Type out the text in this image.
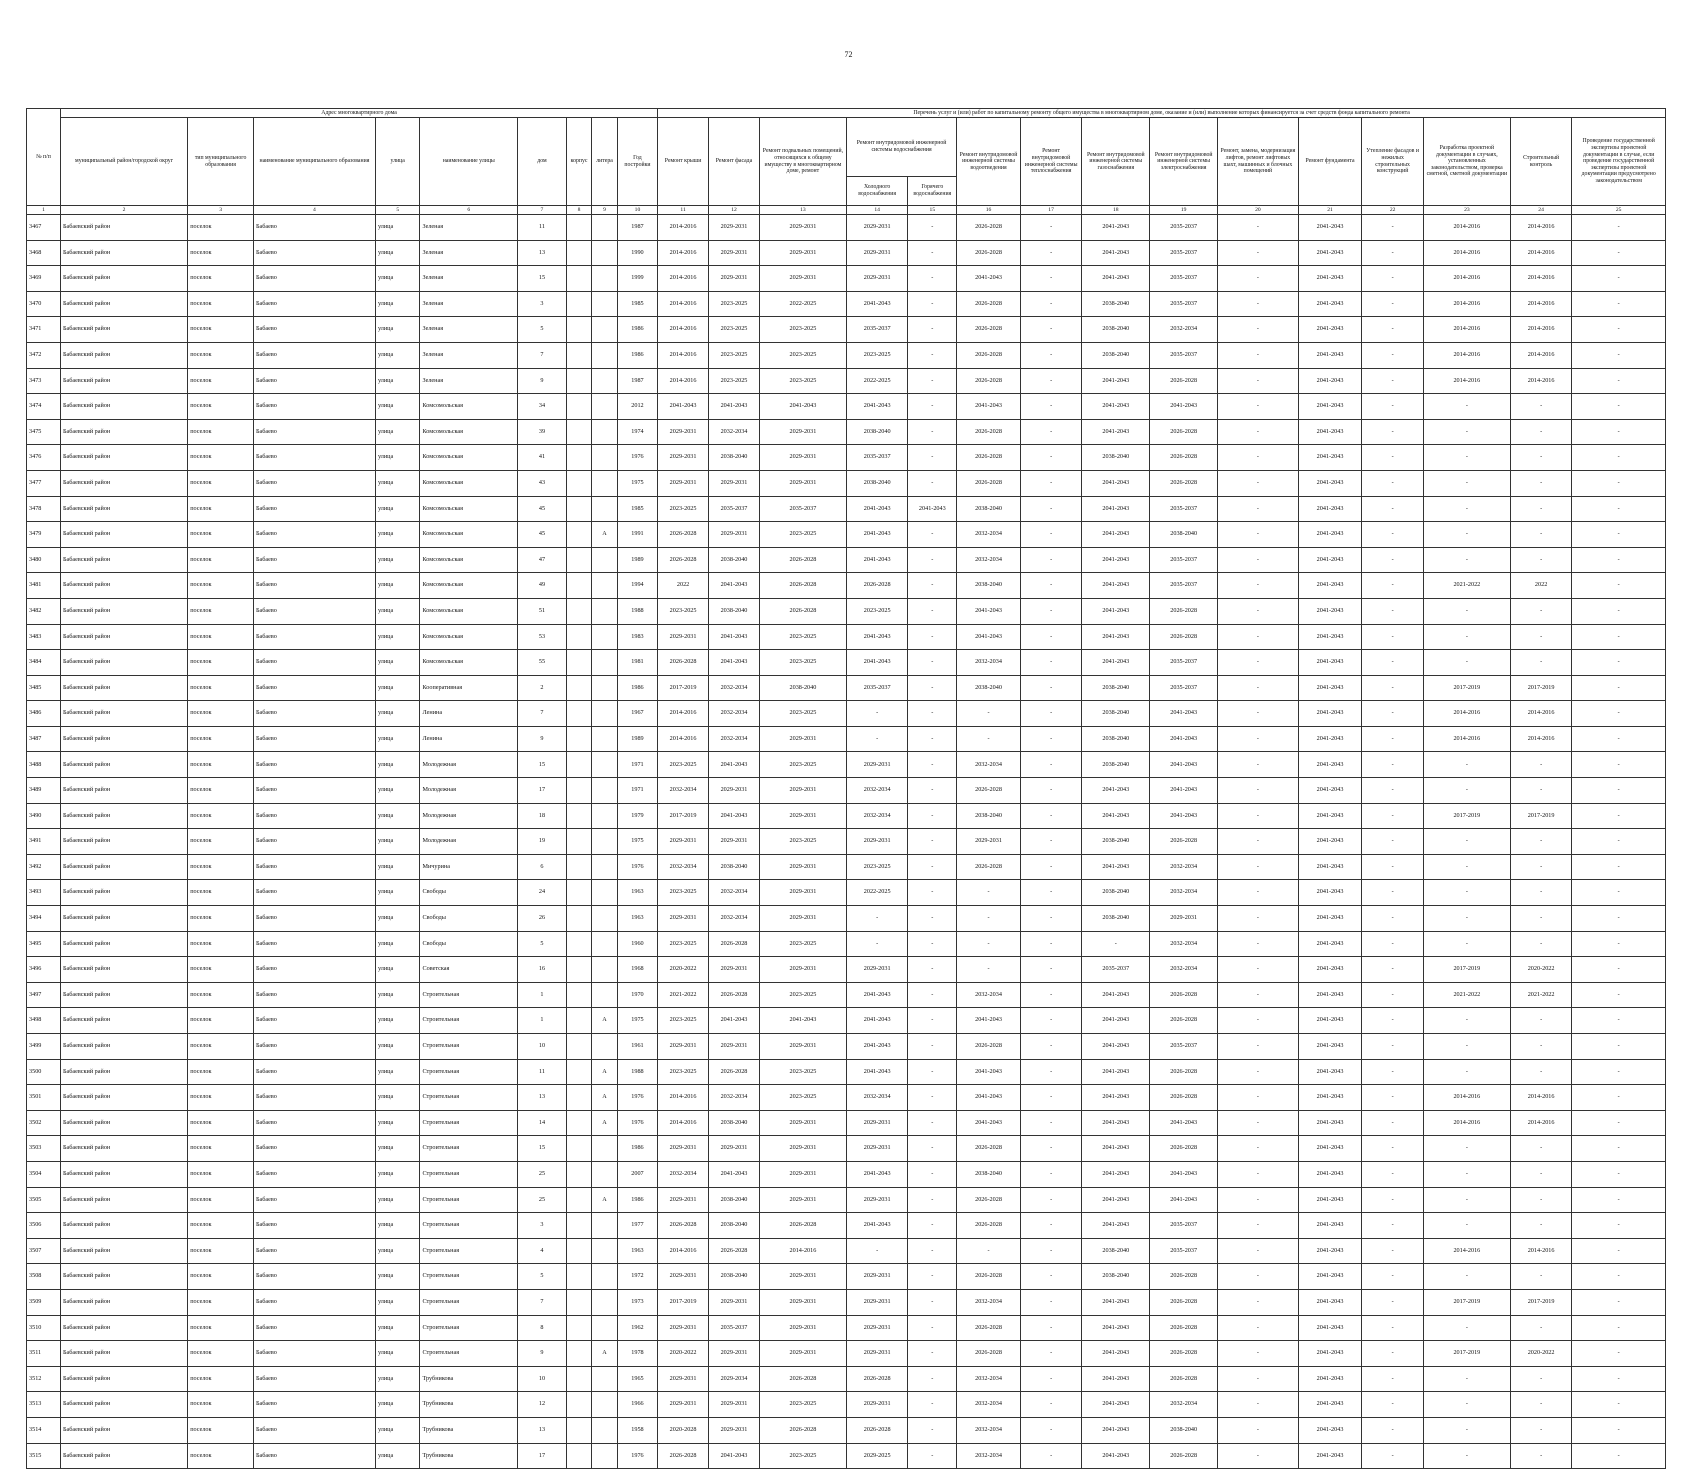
72
№ п/п	Адрес многоквартирного дома									Перечень услуг и (или) работ по капитальному ремонту общего имущества в многоквартирном доме, оказание и (или) выполнение которых финансируется за счет средств фонда капитального ремонта														
	муниципальный район/городской округ	тип муниципального образования	наименование муниципального образования	улица	наименование улицы	дом	корпус	литера	Год постройки	Ремонт крыши	Ремонт фасада	Ремонт подвальных помещений, относящихся к общему имуществу в многоквартирном доме, ремонт	Ремонт внутридомовой инженерной системы водоснабжения		Ремонт внутридомовой инженерной системы водоотведения	Ремонт внутридомовой инженерной системы теплоснабжения	Ремонт внутридомовой инженерной системы газоснабжения	Ремонт внутридомовой инженерной системы электроснабжения	Ремонт, замена, модернизация лифтов, ремонт лифтовых шахт, машинных и блочных помещений	Ремонт фундамента	Утепление фасадов и нежилых строительных конструкций	Разработка проектной документации в случаях, установленных законодательством, проверка сметной, сметной документации	Строительный контроль	Проведение государственной экспертизы проектной документации в случае, если проведение государственной экспертизы проектной документации предусмотрено законодательством
													Холодного водоснабжения	Горячего водоснабжения										
1	2	3	4	5	6	7	8	9	10	11	12	13	14	15	16	17	18	19	20	21	22	23	24	25
3467	Бабаевский район	поселок	Бабаево	улица	Зеленая	11			1987	2014-2016	2029-2031	2029-2031	2029-2031	-	2026-2028	-	2041-2043	2035-2037	-	2041-2043	-	2014-2016	2014-2016	-
3468	Бабаевский район	поселок	Бабаево	улица	Зеленая	13			1990	2014-2016	2029-2031	2029-2031	2029-2031	-	2026-2028	-	2041-2043	2035-2037	-	2041-2043	-	2014-2016	2014-2016	-
3469	Бабаевский район	поселок	Бабаево	улица	Зеленая	15			1999	2014-2016	2029-2031	2029-2031	2029-2031	-	2041-2043	-	2041-2043	2035-2037	-	2041-2043	-	2014-2016	2014-2016	-
3470	Бабаевский район	поселок	Бабаево	улица	Зеленая	3			1985	2014-2016	2023-2025	2022-2025	2041-2043	-	2026-2028	-	2038-2040	2035-2037	-	2041-2043	-	2014-2016	2014-2016	-
3471	Бабаевский район	поселок	Бабаево	улица	Зеленая	5			1986	2014-2016	2023-2025	2023-2025	2035-2037	-	2026-2028	-	2038-2040	2032-2034	-	2041-2043	-	2014-2016	2014-2016	-
3472	Бабаевский район	поселок	Бабаево	улица	Зеленая	7			1986	2014-2016	2023-2025	2023-2025	2023-2025	-	2026-2028	-	2038-2040	2035-2037	-	2041-2043	-	2014-2016	2014-2016	-
3473	Бабаевский район	поселок	Бабаево	улица	Зеленая	9			1987	2014-2016	2023-2025	2023-2025	2022-2025	-	2026-2028	-	2041-2043	2026-2028	-	2041-2043	-	2014-2016	2014-2016	-
3474	Бабаевский район	поселок	Бабаево	улица	Комсомольская	34			2012	2041-2043	2041-2043	2041-2043	2041-2043	-	2041-2043	-	2041-2043	2041-2043	-	2041-2043	-	-	-	-
3475	Бабаевский район	поселок	Бабаево	улица	Комсомольская	39			1974	2029-2031	2032-2034	2029-2031	2038-2040	-	2026-2028	-	2041-2043	2026-2028	-	2041-2043	-	-	-	-
3476	Бабаевский район	поселок	Бабаево	улица	Комсомольская	41			1976	2029-2031	2038-2040	2029-2031	2035-2037	-	2026-2028	-	2038-2040	2026-2028	-	2041-2043	-	-	-	-
3477	Бабаевский район	поселок	Бабаево	улица	Комсомольская	43			1975	2029-2031	2029-2031	2029-2031	2038-2040	-	2026-2028	-	2041-2043	2026-2028	-	2041-2043	-	-	-	-
3478	Бабаевский район	поселок	Бабаево	улица	Комсомольская	45			1985	2023-2025	2035-2037	2035-2037	2041-2043	2041-2043	2038-2040	-	2041-2043	2035-2037	-	2041-2043	-	-	-	-
3479	Бабаевский район	поселок	Бабаево	улица	Комсомольская	45		А	1991	2026-2028	2029-2031	2023-2025	2041-2043	-	2032-2034	-	2041-2043	2038-2040	-	2041-2043	-	-	-	-
3480	Бабаевский район	поселок	Бабаево	улица	Комсомольская	47			1989	2026-2028	2038-2040	2026-2028	2041-2043	-	2032-2034	-	2041-2043	2035-2037	-	2041-2043	-	-	-	-
3481	Бабаевский район	поселок	Бабаево	улица	Комсомольская	49			1994	2022	2041-2043	2026-2028	2026-2028	-	2038-2040	-	2041-2043	2035-2037	-	2041-2043	-	2021-2022	2022	-
3482	Бабаевский район	поселок	Бабаево	улица	Комсомольская	51			1988	2023-2025	2038-2040	2026-2028	2023-2025	-	2041-2043	-	2041-2043	2026-2028	-	2041-2043	-	-	-	-
3483	Бабаевский район	поселок	Бабаево	улица	Комсомольская	53			1983	2029-2031	2041-2043	2023-2025	2041-2043	-	2041-2043	-	2041-2043	2026-2028	-	2041-2043	-	-	-	-
3484	Бабаевский район	поселок	Бабаево	улица	Комсомольская	55			1981	2026-2028	2041-2043	2023-2025	2041-2043	-	2032-2034	-	2041-2043	2035-2037	-	2041-2043	-	-	-	-
3485	Бабаевский район	поселок	Бабаево	улица	Кооперативная	2			1986	2017-2019	2032-2034	2038-2040	2035-2037	-	2038-2040	-	2038-2040	2035-2037	-	2041-2043	-	2017-2019	2017-2019	-
3486	Бабаевский район	поселок	Бабаево	улица	Ленина	7			1967	2014-2016	2032-2034	2023-2025	-	-	-	-	2038-2040	2041-2043	-	2041-2043	-	2014-2016	2014-2016	-
3487	Бабаевский район	поселок	Бабаево	улица	Ленина	9			1989	2014-2016	2032-2034	2029-2031	-	-	-	-	2038-2040	2041-2043	-	2041-2043	-	2014-2016	2014-2016	-
3488	Бабаевский район	поселок	Бабаево	улица	Молодежная	15			1971	2023-2025	2041-2043	2023-2025	2029-2031	-	2032-2034	-	2038-2040	2041-2043	-	2041-2043	-	-	-	-
3489	Бабаевский район	поселок	Бабаево	улица	Молодежная	17			1971	2032-2034	2029-2031	2029-2031	2032-2034	-	2026-2028	-	2041-2043	2041-2043	-	2041-2043	-	-	-	-
3490	Бабаевский район	поселок	Бабаево	улица	Молодежная	18			1979	2017-2019	2041-2043	2029-2031	2032-2034	-	2038-2040	-	2041-2043	2041-2043	-	2041-2043	-	2017-2019	2017-2019	-
3491	Бабаевский район	поселок	Бабаево	улица	Молодежная	19			1975	2029-2031	2029-2031	2023-2025	2029-2031	-	2029-2031	-	2038-2040	2026-2028	-	2041-2043	-	-	-	-
3492	Бабаевский район	поселок	Бабаево	улица	Мичурина	6			1976	2032-2034	2038-2040	2029-2031	2023-2025	-	2026-2028	-	2041-2043	2032-2034	-	2041-2043	-	-	-	-
3493	Бабаевский район	поселок	Бабаево	улица	Свободы	24			1963	2023-2025	2032-2034	2029-2031	2022-2025	-	-	-	2038-2040	2032-2034	-	2041-2043	-	-	-	-
3494	Бабаевский район	поселок	Бабаево	улица	Свободы	26			1963	2029-2031	2032-2034	2029-2031	-	-	-	-	2038-2040	2029-2031	-	2041-2043	-	-	-	-
3495	Бабаевский район	поселок	Бабаево	улица	Свободы	5			1960	2023-2025	2026-2028	2023-2025	-	-	-	-	-	2032-2034	-	2041-2043	-	-	-	-
3496	Бабаевский район	поселок	Бабаево	улица	Советская	16			1968	2020-2022	2029-2031	2029-2031	2029-2031	-	-	-	2035-2037	2032-2034	-	2041-2043	-	2017-2019	2020-2022	-
3497	Бабаевский район	поселок	Бабаево	улица	Строительная	1			1970	2021-2022	2026-2028	2023-2025	2041-2043	-	2032-2034	-	2041-2043	2026-2028	-	2041-2043	-	2021-2022	2021-2022	-
3498	Бабаевский район	поселок	Бабаево	улица	Строительная	1		А	1975	2023-2025	2041-2043	2041-2043	2041-2043	-	2041-2043	-	2041-2043	2026-2028	-	2041-2043	-	-	-	-
3499	Бабаевский район	поселок	Бабаево	улица	Строительная	10			1961	2029-2031	2029-2031	2029-2031	2041-2043	-	2026-2028	-	2041-2043	2035-2037	-	2041-2043	-	-	-	-
3500	Бабаевский район	поселок	Бабаево	улица	Строительная	11		А	1988	2023-2025	2026-2028	2023-2025	2041-2043	-	2041-2043	-	2041-2043	2026-2028	-	2041-2043	-	-	-	-
3501	Бабаевский район	поселок	Бабаево	улица	Строительная	13		А	1976	2014-2016	2032-2034	2023-2025	2032-2034	-	2041-2043	-	2041-2043	2026-2028	-	2041-2043	-	2014-2016	2014-2016	-
3502	Бабаевский район	поселок	Бабаево	улица	Строительная	14		А	1976	2014-2016	2038-2040	2029-2031	2029-2031	-	2041-2043	-	2041-2043	2041-2043	-	2041-2043	-	2014-2016	2014-2016	-
3503	Бабаевский район	поселок	Бабаево	улица	Строительная	15			1986	2029-2031	2029-2031	2029-2031	2029-2031	-	2026-2028	-	2041-2043	2026-2028	-	2041-2043	-	-	-	-
3504	Бабаевский район	поселок	Бабаево	улица	Строительная	25			2007	2032-2034	2041-2043	2029-2031	2041-2043	-	2038-2040	-	2041-2043	2041-2043	-	2041-2043	-	-	-	-
3505	Бабаевский район	поселок	Бабаево	улица	Строительная	25		А	1986	2029-2031	2038-2040	2029-2031	2029-2031	-	2026-2028	-	2041-2043	2041-2043	-	2041-2043	-	-	-	-
3506	Бабаевский район	поселок	Бабаево	улица	Строительная	3			1977	2026-2028	2038-2040	2026-2028	2041-2043	-	2026-2028	-	2041-2043	2035-2037	-	2041-2043	-	-	-	-
3507	Бабаевский район	поселок	Бабаево	улица	Строительная	4			1963	2014-2016	2026-2028	2014-2016	-	-	-	-	2038-2040	2035-2037	-	2041-2043	-	2014-2016	2014-2016	-
3508	Бабаевский район	поселок	Бабаево	улица	Строительная	5			1972	2029-2031	2038-2040	2029-2031	2029-2031	-	2026-2028	-	2038-2040	2026-2028	-	2041-2043	-	-	-	-
3509	Бабаевский район	поселок	Бабаево	улица	Строительная	7			1973	2017-2019	2029-2031	2029-2031	2029-2031	-	2032-2034	-	2041-2043	2026-2028	-	2041-2043	-	2017-2019	2017-2019	-
3510	Бабаевский район	поселок	Бабаево	улица	Строительная	8			1962	2029-2031	2035-2037	2029-2031	2029-2031	-	2026-2028	-	2041-2043	2026-2028	-	2041-2043	-	-	-	-
3511	Бабаевский район	поселок	Бабаево	улица	Строительная	9		А	1978	2020-2022	2029-2031	2029-2031	2029-2031	-	2026-2028	-	2041-2043	2026-2028	-	2041-2043	-	2017-2019	2020-2022	-
3512	Бабаевский район	поселок	Бабаево	улица	Трубникова	10			1965	2029-2031	2029-2034	2026-2028	2026-2028	-	2032-2034	-	2041-2043	2026-2028	-	2041-2043	-	-	-	-
3513	Бабаевский район	поселок	Бабаево	улица	Трубникова	12			1966	2029-2031	2029-2031	2023-2025	2029-2031	-	2032-2034	-	2041-2043	2032-2034	-	2041-2043	-	-	-	-
3514	Бабаевский район	поселок	Бабаево	улица	Трубникова	13			1958	2020-2028	2029-2031	2026-2028	2026-2028	-	2032-2034	-	2041-2043	2038-2040	-	2041-2043	-	-	-	-
3515	Бабаевский район	поселок	Бабаево	улица	Трубникова	17			1976	2026-2028	2041-2043	2023-2025	2029-2025	-	2032-2034	-	2041-2043	2026-2028	-	2041-2043	-	-	-	-
